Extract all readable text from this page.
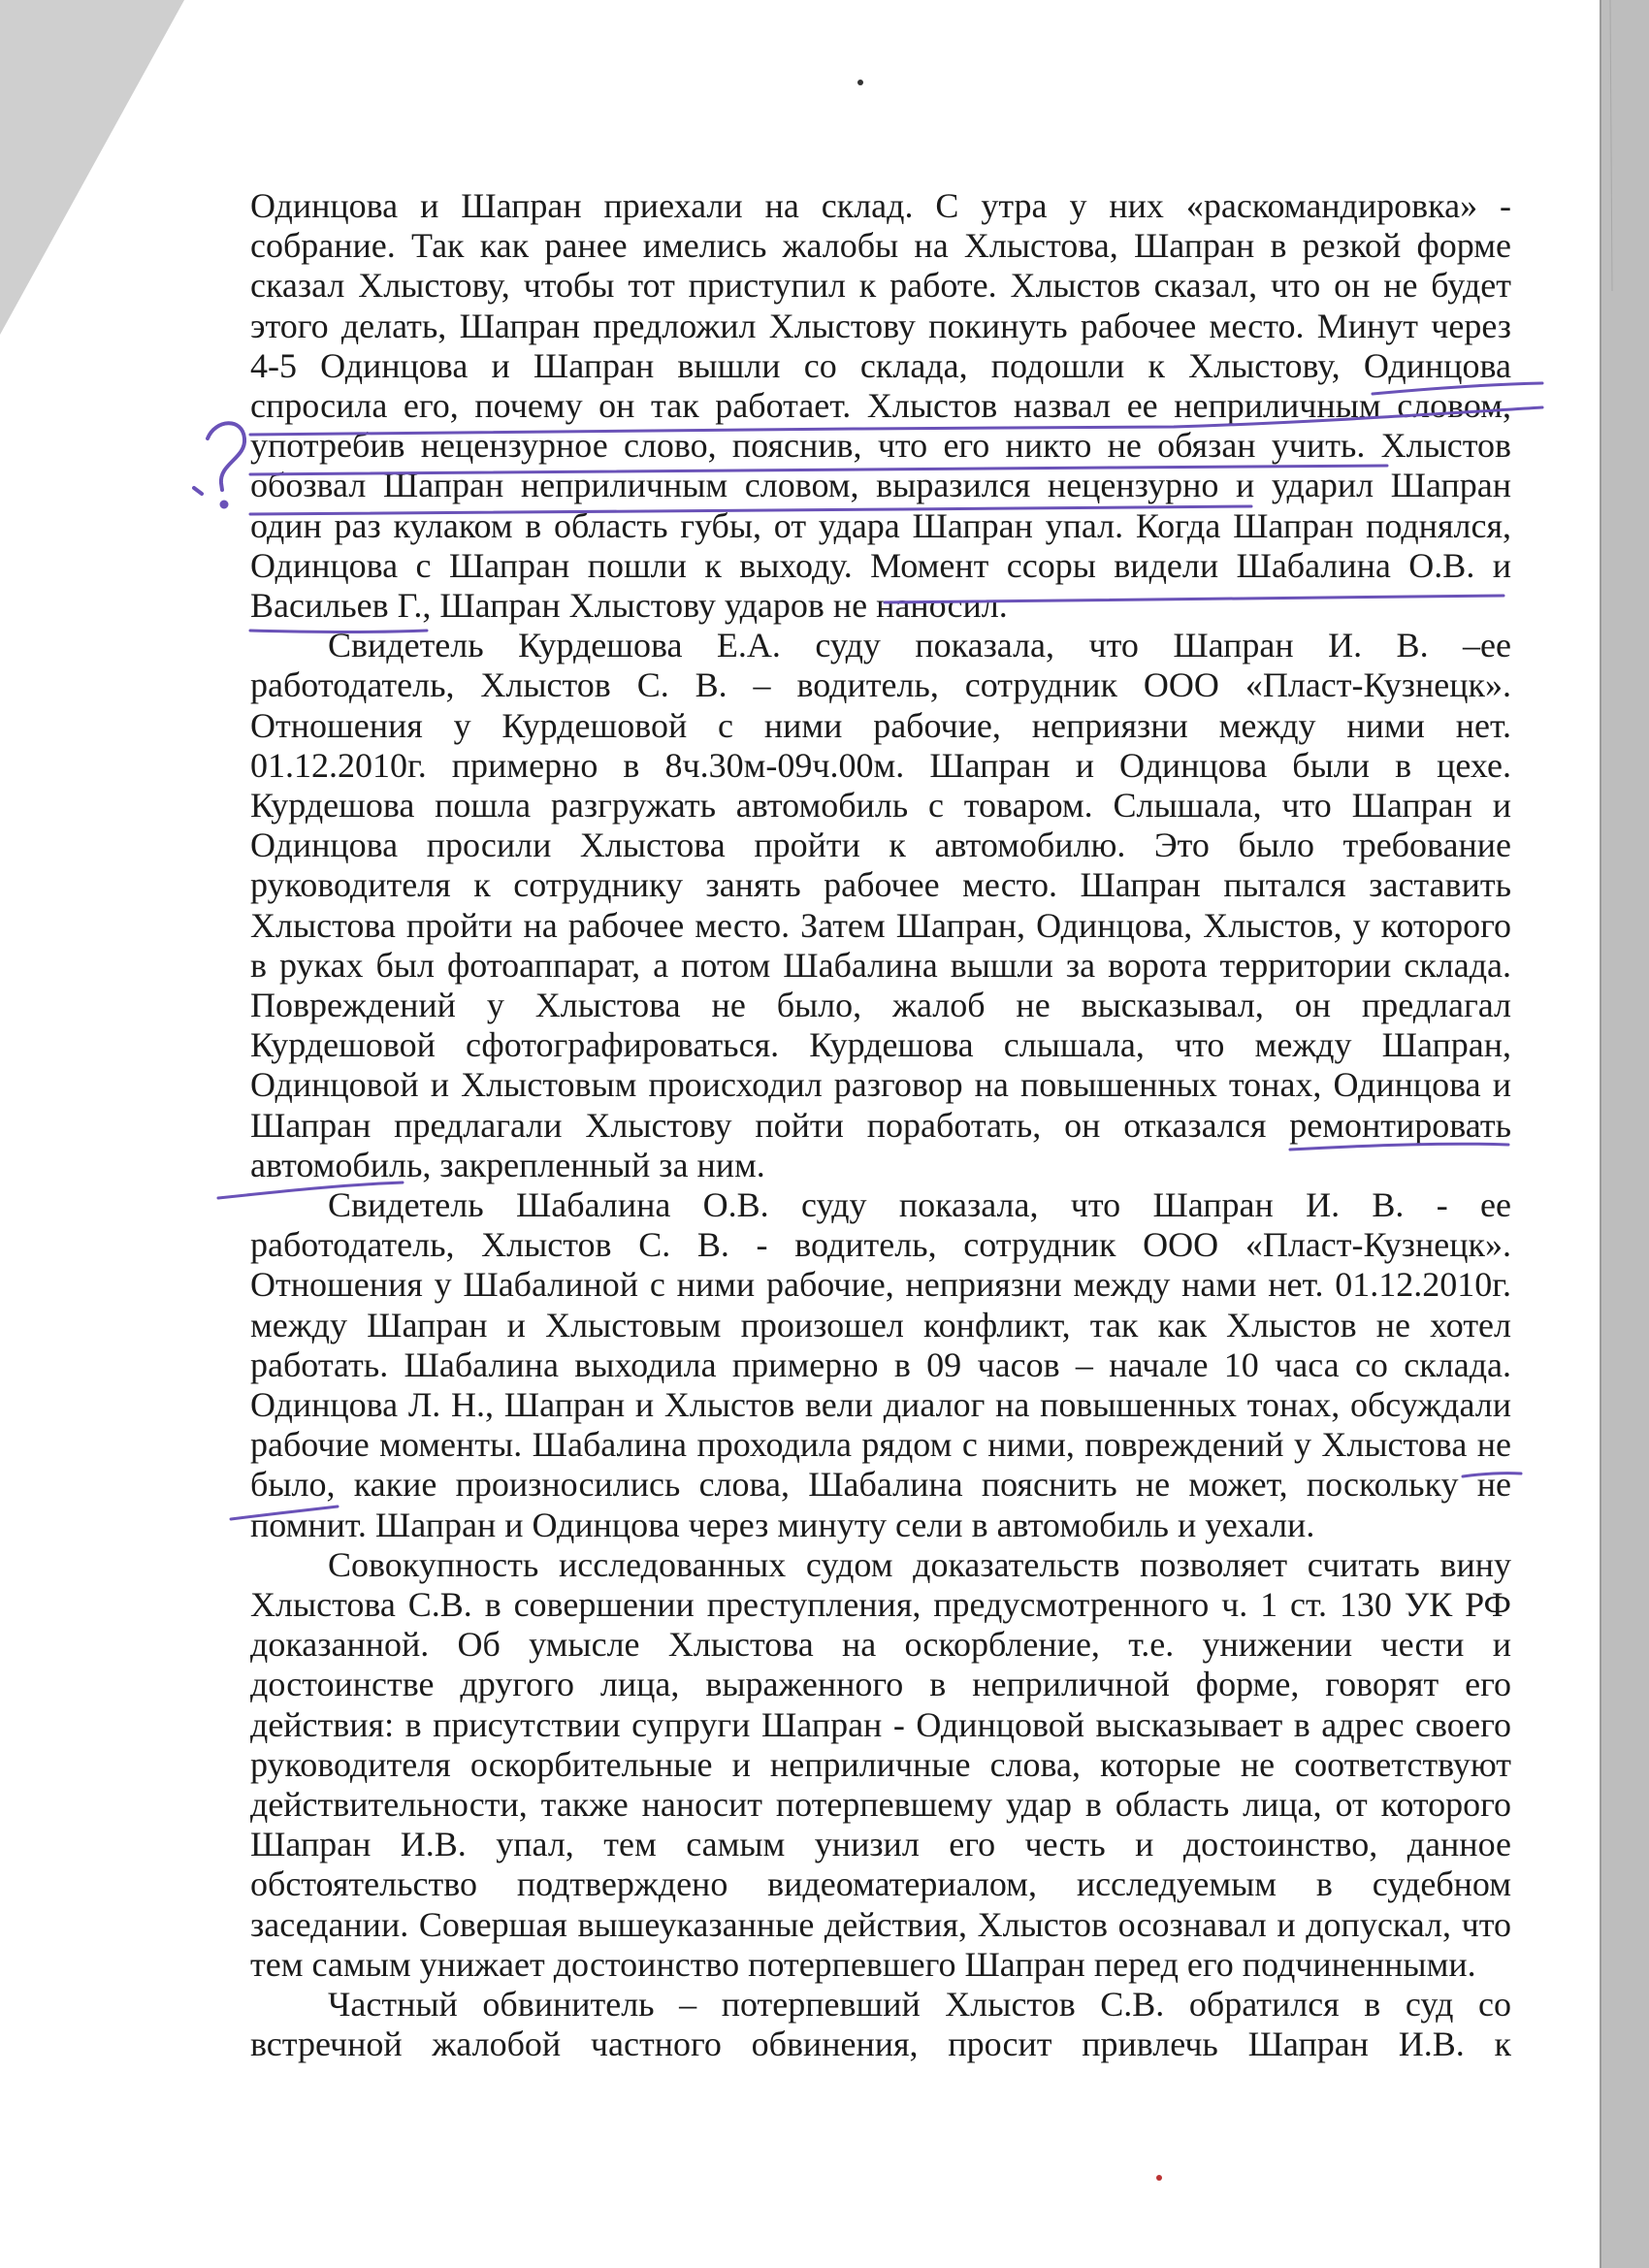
Одинцова и Шапран приехали на склад. С утра у них «раскомандировка» -
собрание. Так как ранее имелись жалобы на Хлыстова, Шапран в резкой форме
сказал Хлыстову, чтобы тот приступил к работе. Хлыстов сказал, что он не будет
этого делать, Шапран предложил Хлыстову покинуть рабочее место. Минут через
4-5 Одинцова и Шапран вышли со склада, подошли к Хлыстову, Одинцова
спросила его, почему он так работает. Хлыстов назвал ее неприличным словом,
употребив нецензурное слово, пояснив, что его никто не обязан учить. Хлыстов
обозвал Шапран неприличным словом, выразился нецензурно и ударил Шапран
один раз кулаком в область губы, от удара Шапран упал. Когда Шапран поднялся,
Одинцова с Шапран пошли к выходу. Момент ссоры видели Шабалина О.В. и
Васильев Г., Шапран Хлыстову ударов не наносил.
Свидетель Курдешова Е.А. суду показала, что Шапран И. В. –ее
работодатель, Хлыстов С. В. – водитель, сотрудник ООО «Пласт-Кузнецк».
Отношения у Курдешовой с ними рабочие, неприязни между ними нет.
01.12.2010г. примерно в 8ч.30м-09ч.00м. Шапран и Одинцова были в цехе.
Курдешова пошла разгружать автомобиль с товаром. Слышала, что Шапран и
Одинцова просили Хлыстова пройти к автомобилю. Это было требование
руководителя к сотруднику занять рабочее место. Шапран пытался заставить
Хлыстова пройти на рабочее место. Затем Шапран, Одинцова, Хлыстов, у которого
в руках был фотоаппарат, а потом Шабалина вышли за ворота территории склада.
Повреждений у Хлыстова не было, жалоб не высказывал, он предлагал
Курдешовой сфотографироваться. Курдешова слышала, что между Шапран,
Одинцовой и Хлыстовым происходил разговор на повышенных тонах, Одинцова и
Шапран предлагали Хлыстову пойти поработать, он отказался ремонтировать
автомобиль, закрепленный за ним.
Свидетель Шабалина О.В. суду показала, что Шапран И. В. - ее
работодатель, Хлыстов С. В. - водитель, сотрудник ООО «Пласт-Кузнецк».
Отношения у Шабалиной с ними рабочие, неприязни между нами нет. 01.12.2010г.
между Шапран и Хлыстовым произошел конфликт, так как Хлыстов не хотел
работать. Шабалина выходила примерно в 09 часов – начале 10 часа со склада.
Одинцова Л. Н., Шапран и Хлыстов вели диалог на повышенных тонах, обсуждали
рабочие моменты. Шабалина проходила рядом с ними, повреждений у Хлыстова не
было, какие произносились слова, Шабалина пояснить не может, поскольку не
помнит. Шапран и Одинцова через минуту сели в автомобиль и уехали.
Совокупность исследованных судом доказательств позволяет считать вину
Хлыстова С.В. в совершении преступления, предусмотренного ч. 1 ст. 130 УК РФ
доказанной. Об умысле Хлыстова на оскорбление, т.е. унижении чести и
достоинстве другого лица, выраженного в неприличной форме, говорят его
действия: в присутствии супруги Шапран - Одинцовой высказывает в адрес своего
руководителя оскорбительные и неприличные слова, которые не соответствуют
действительности, также наносит потерпевшему удар в область лица, от которого
Шапран И.В. упал, тем самым унизил его честь и достоинство, данное
обстоятельство подтверждено видеоматериалом, исследуемым в судебном
заседании. Совершая вышеуказанные действия, Хлыстов осознавал и допускал, что
тем самым унижает достоинство потерпевшего Шапран перед его подчиненными.
Частный обвинитель – потерпевший Хлыстов С.В. обратился в суд со
встречной жалобой частного обвинения, просит привлечь Шапран И.В. к
